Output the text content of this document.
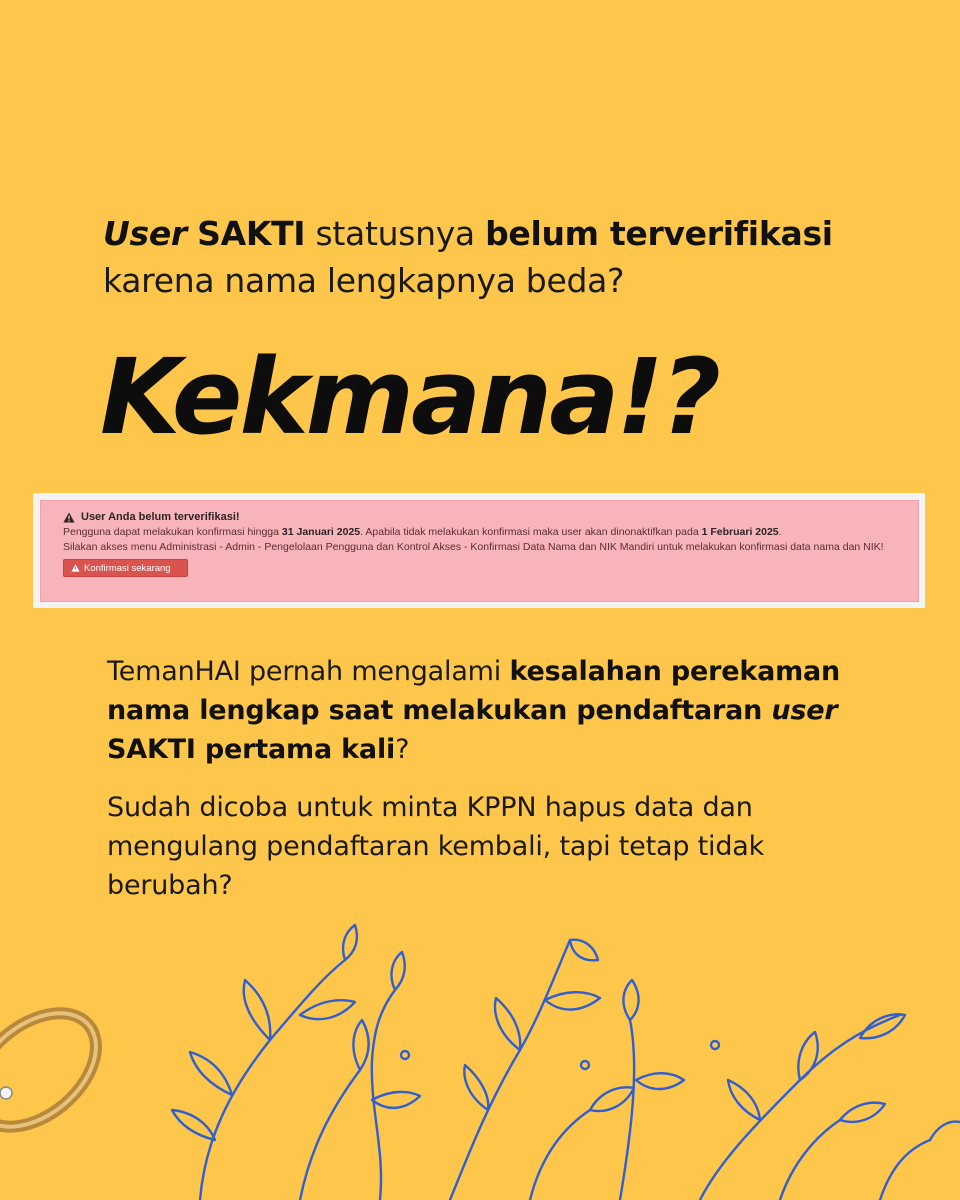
User SAKTI statusnya belum terverifikasi
karena nama lengkapnya beda?
Kekmana!?
User Anda belum terverifikasi!

Pengguna dapat melakukan konfirmasi hingga 31 Januari 2025. Apabila tidak melakukan konfirmasi maka user akan dinonaktifkan pada 1 Februari 2025.

Silakan akses menu Administrasi - Admin - Pengelolaan Pengguna dan Kontrol Akses - Konfirmasi Data Nama dan NIK Mandiri untuk melakukan konfirmasi data nama dan NIK!

Konfirmasi sekarang
TemanHAI pernah mengalami kesalahan perekaman nama lengkap saat melakukan pendaftaran user SAKTI pertama kali?
Sudah dicoba untuk minta KPPN hapus data dan mengulang pendaftaran kembali, tapi tetap tidak berubah?
